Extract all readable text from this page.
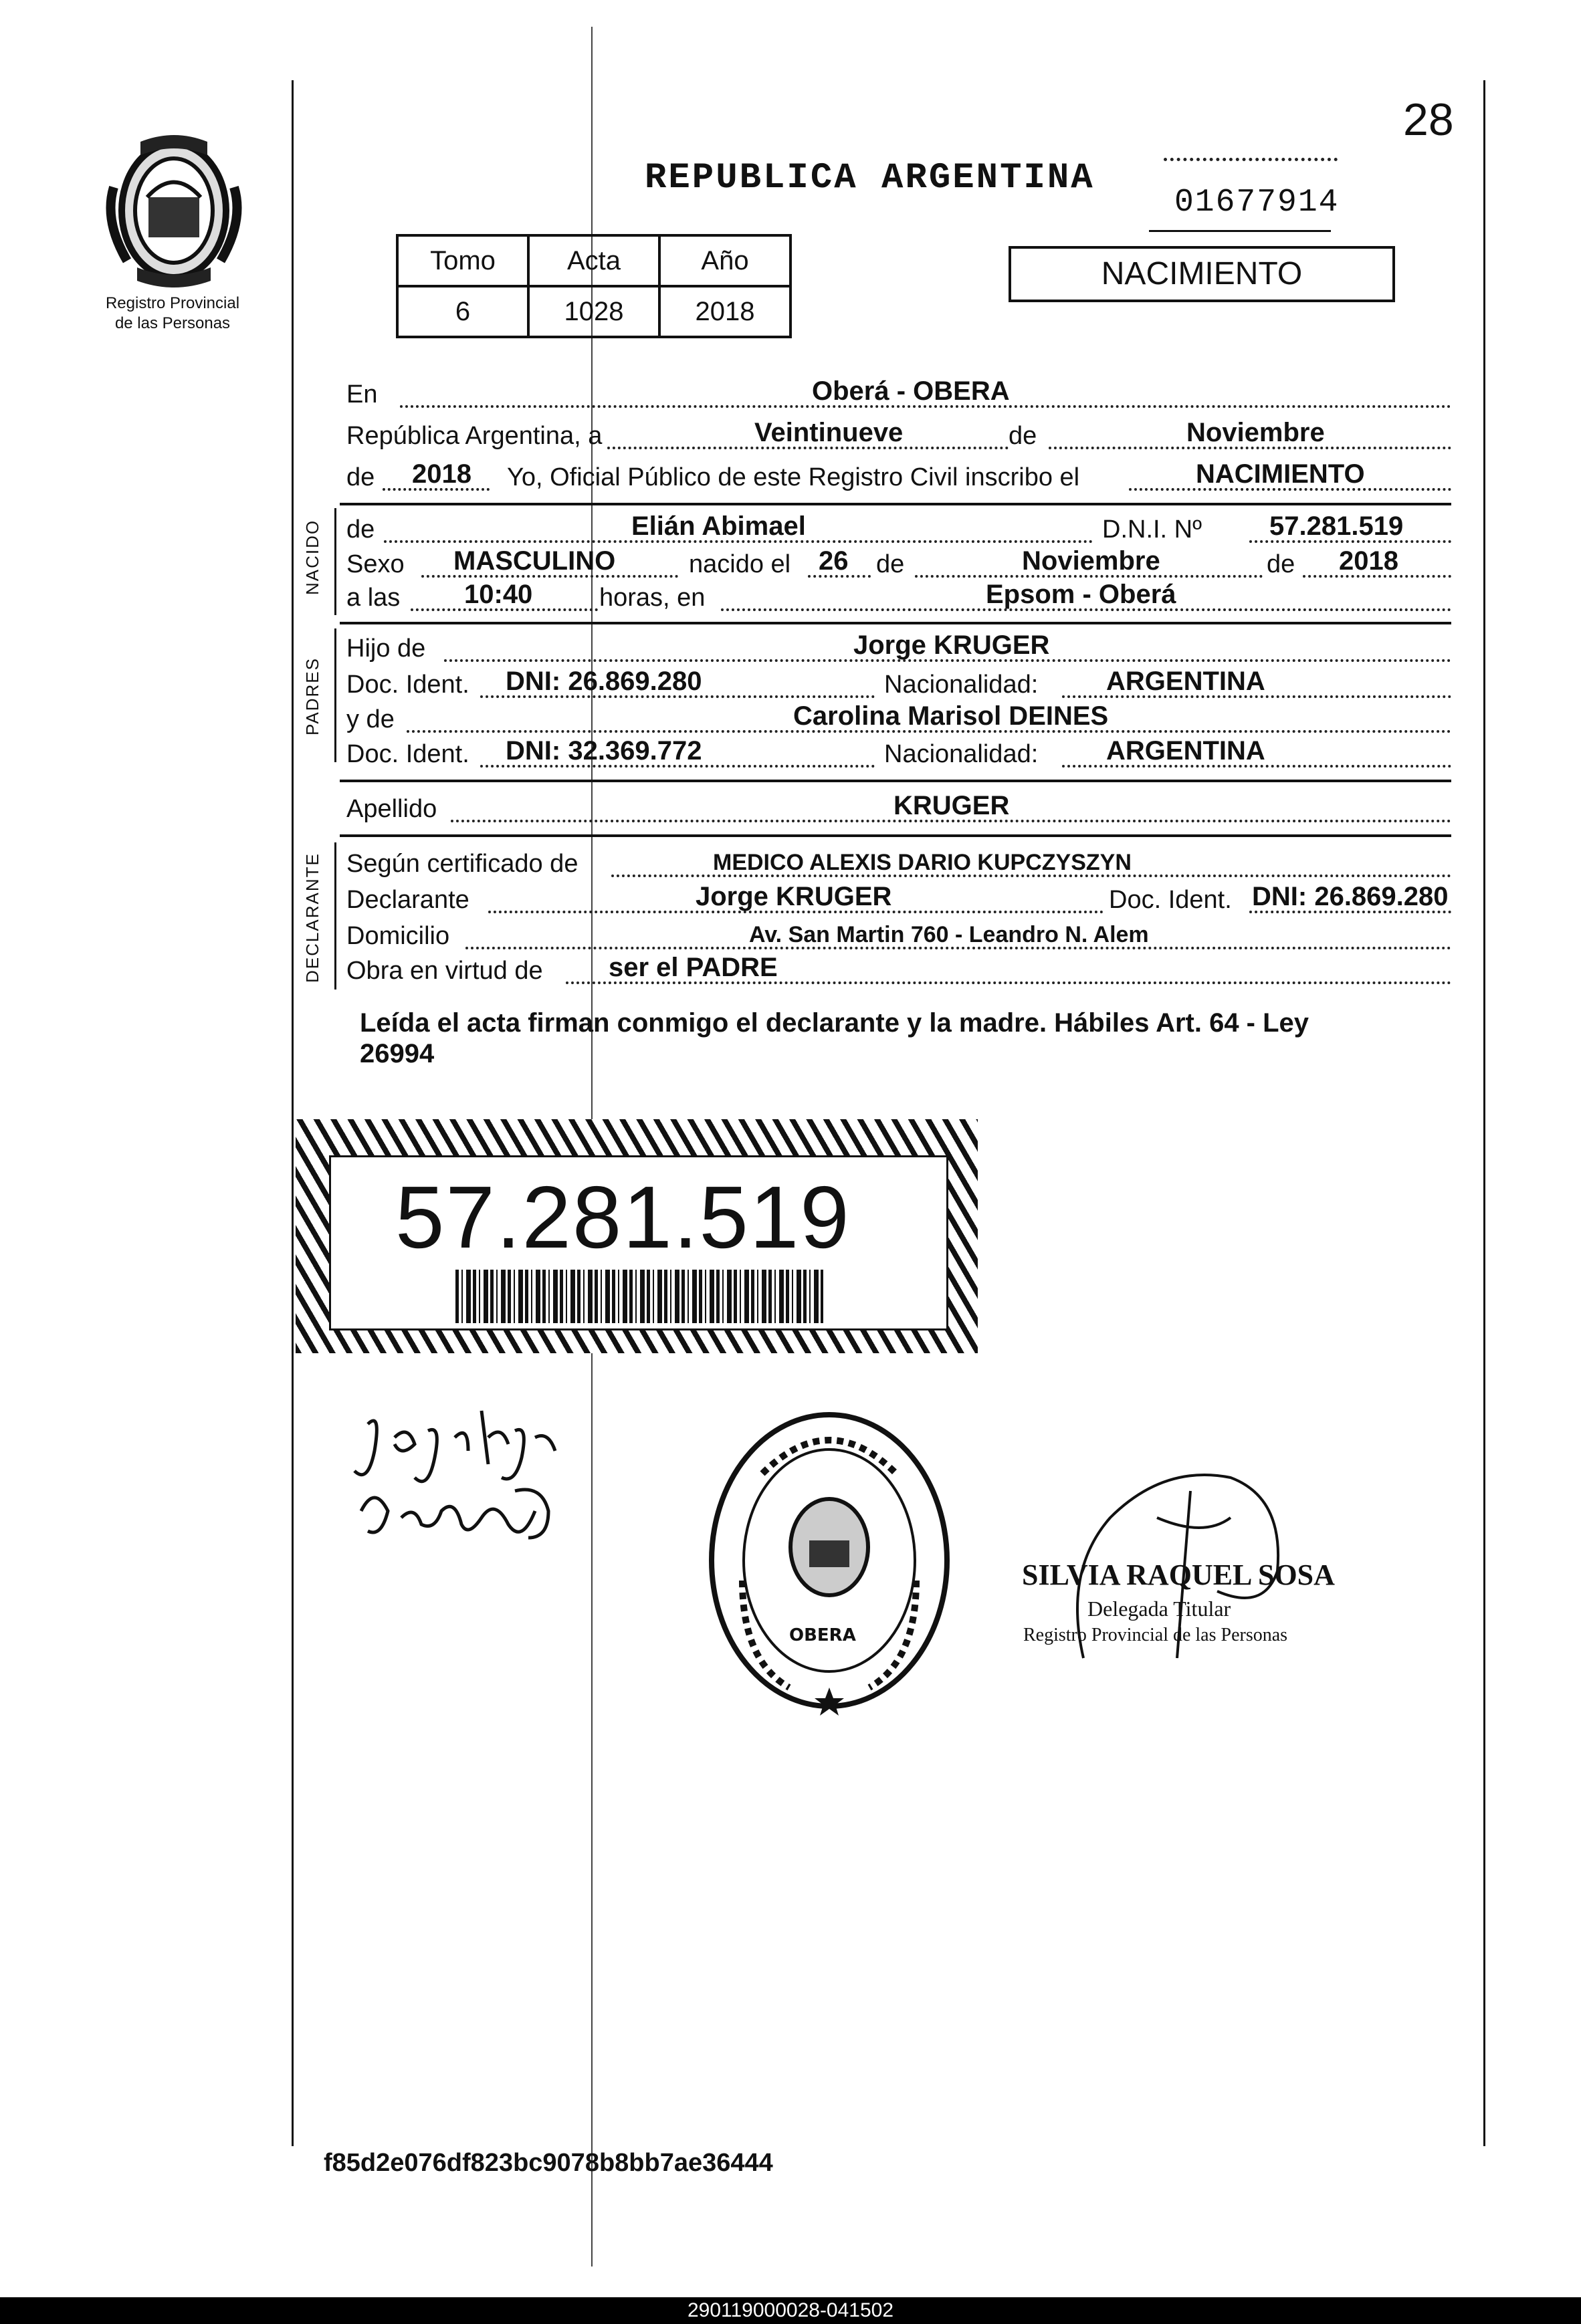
28
Registro Provincial
de las Personas
REPUBLICA ARGENTINA
01677914
Tomo	Acta	Año
6	1028	2018
NACIMIENTO
En	Oberá - OBERA
República Argentina, a	Veintinueve	de	Noviembre
de 2018 Yo, Oficial Público de este Registro Civil inscribo el	NACIMIENTO
NACIDO de	Elián Abimael	D.N.I. Nº	57.281.519
Sexo MASCULINO	nacido el 26 de	Noviembre	de 2018
a las 10:40	horas, en	Epsom - Oberá
PADRES
Hijo de	Jorge KRUGER
Doc. Ident. DNI: 26.869.280	Nacionalidad:	ARGENTINA
y de	Carolina Marisol DEINES
Doc. Ident. DNI: 32.369.772	Nacionalidad:	ARGENTINA
Apellido	KRUGER
DECLARANTE Según certificado de	MEDICO ALEXIS DARIO KUPCZYSZYN
Declarante	Jorge KRUGER	Doc. Ident. DNI: 26.869.280
Domicilio	Av. San Martin 760 - Leandro N. Alem
Obra en virtud de ser el PADRE
Leída el acta firman conmigo el declarante y la madre. Hábiles Art. 64 - Ley
26994
57.281.519
OBERA
SILVIA RAQUEL SOSA
Delegada Titular
Registro Provincial de las Personas
f85d2e076df823bc9078b8bb7ae36444
290119000028-041502
